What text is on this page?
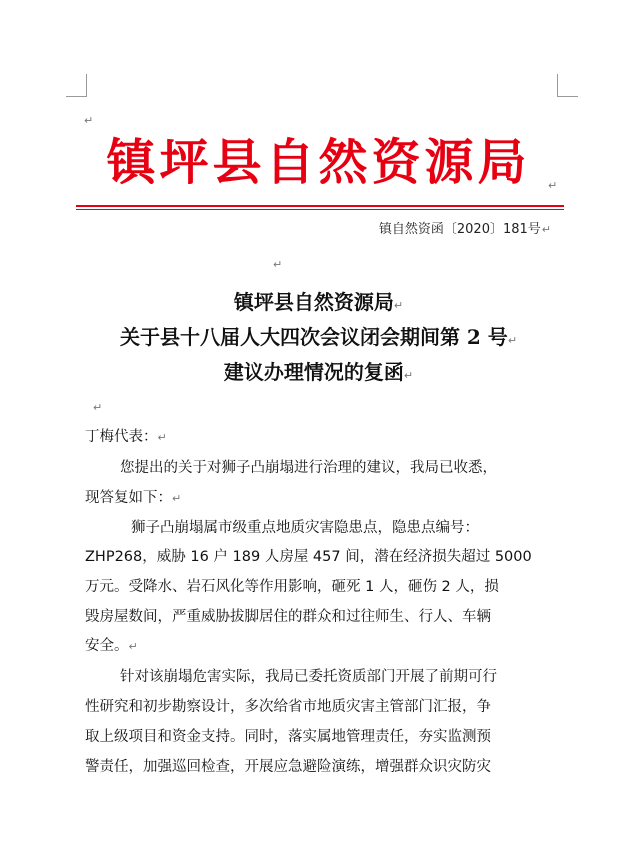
↵
镇坪县自然资源局	↵
镇自然资函〔2020〕181号↵
↵
镇坪县自然资源局↵
关于县十八届人大四次会议闭会期间第 2 号↵
建议办理情况的复函↵
↵
丁梅代表：↵
您提出的关于对狮子凸崩塌进行治理的建议，我局已收悉，
现答复如下：↵
狮子凸崩塌属市级重点地质灾害隐患点，隐患点编号：
ZHP268，威胁 16 户 189 人房屋 457 间，潜在经济损失超过 5000
万元。受降水、岩石风化等作用影响，砸死 1 人，砸伤 2 人，损
毁房屋数间，严重威胁拔脚居住的群众和过往师生、行人、车辆
安全。↵
针对该崩塌危害实际，我局已委托资质部门开展了前期可行
性研究和初步勘察设计，多次给省市地质灾害主管部门汇报，争
取上级项目和资金支持。同时，落实属地管理责任，夯实监测预
警责任，加强巡回检查，开展应急避险演练，增强群众识灾防灾
